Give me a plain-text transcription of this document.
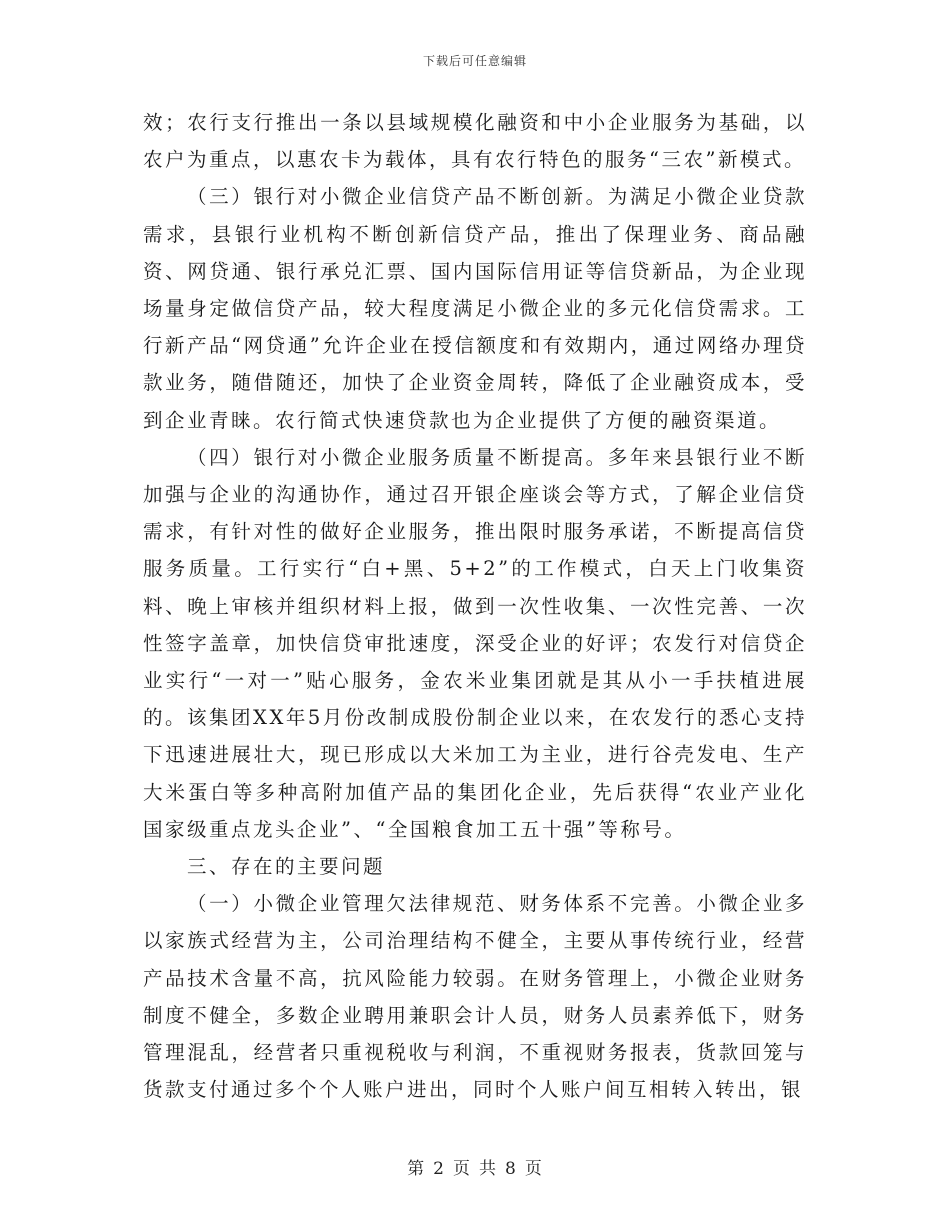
下载后可任意编辑

效；农行支行推出一条以县域规模化融资和中小企业服务为基础，以农户为重点，以惠农卡为载体，具有农行特色的服务“三农”新模式。

（三）银行对小微企业信贷产品不断创新。为满足小微企业贷款需求，县银行业机构不断创新信贷产品，推出了保理业务、商品融资、网贷通、银行承兑汇票、国内国际信用证等信贷新品，为企业现场量身定做信贷产品，较大程度满足小微企业的多元化信贷需求。工行新产品“网贷通”允许企业在授信额度和有效期内，通过网络办理贷款业务，随借随还，加快了企业资金周转，降低了企业融资成本，受到企业青睐。农行简式快速贷款也为企业提供了方便的融资渠道。

（四）银行对小微企业服务质量不断提高。多年来县银行业不断加强与企业的沟通协作，通过召开银企座谈会等方式，了解企业信贷需求，有针对性的做好企业服务，推出限时服务承诺，不断提高信贷服务质量。工行实行“白+黑、5+2”的工作模式，白天上门收集资料、晚上审核并组织材料上报，做到一次性收集、一次性完善、一次性签字盖章，加快信贷审批速度，深受企业的好评；农发行对信贷企业实行“一对一”贴心服务，金农米业集团就是其从小一手扶植进展的。该集团XX年5月份改制成股份制企业以来，在农发行的悉心支持下迅速进展壮大，现已形成以大米加工为主业，进行谷壳发电、生产大米蛋白等多种高附加值产品的集团化企业，先后获得“农业产业化国家级重点龙头企业”、“全国粮食加工五十强”等称号。

三、存在的主要问题

（一）小微企业管理欠法律规范、财务体系不完善。小微企业多以家族式经营为主，公司治理结构不健全，主要从事传统行业，经营产品技术含量不高，抗风险能力较弱。在财务管理上，小微企业财务制度不健全，多数企业聘用兼职会计人员，财务人员素养低下，财务管理混乱，经营者只重视税收与利润，不重视财务报表，货款回笼与货款支付通过多个个人账户进出，同时个人账户间互相转入转出，银

第 2 页 共 8 页
